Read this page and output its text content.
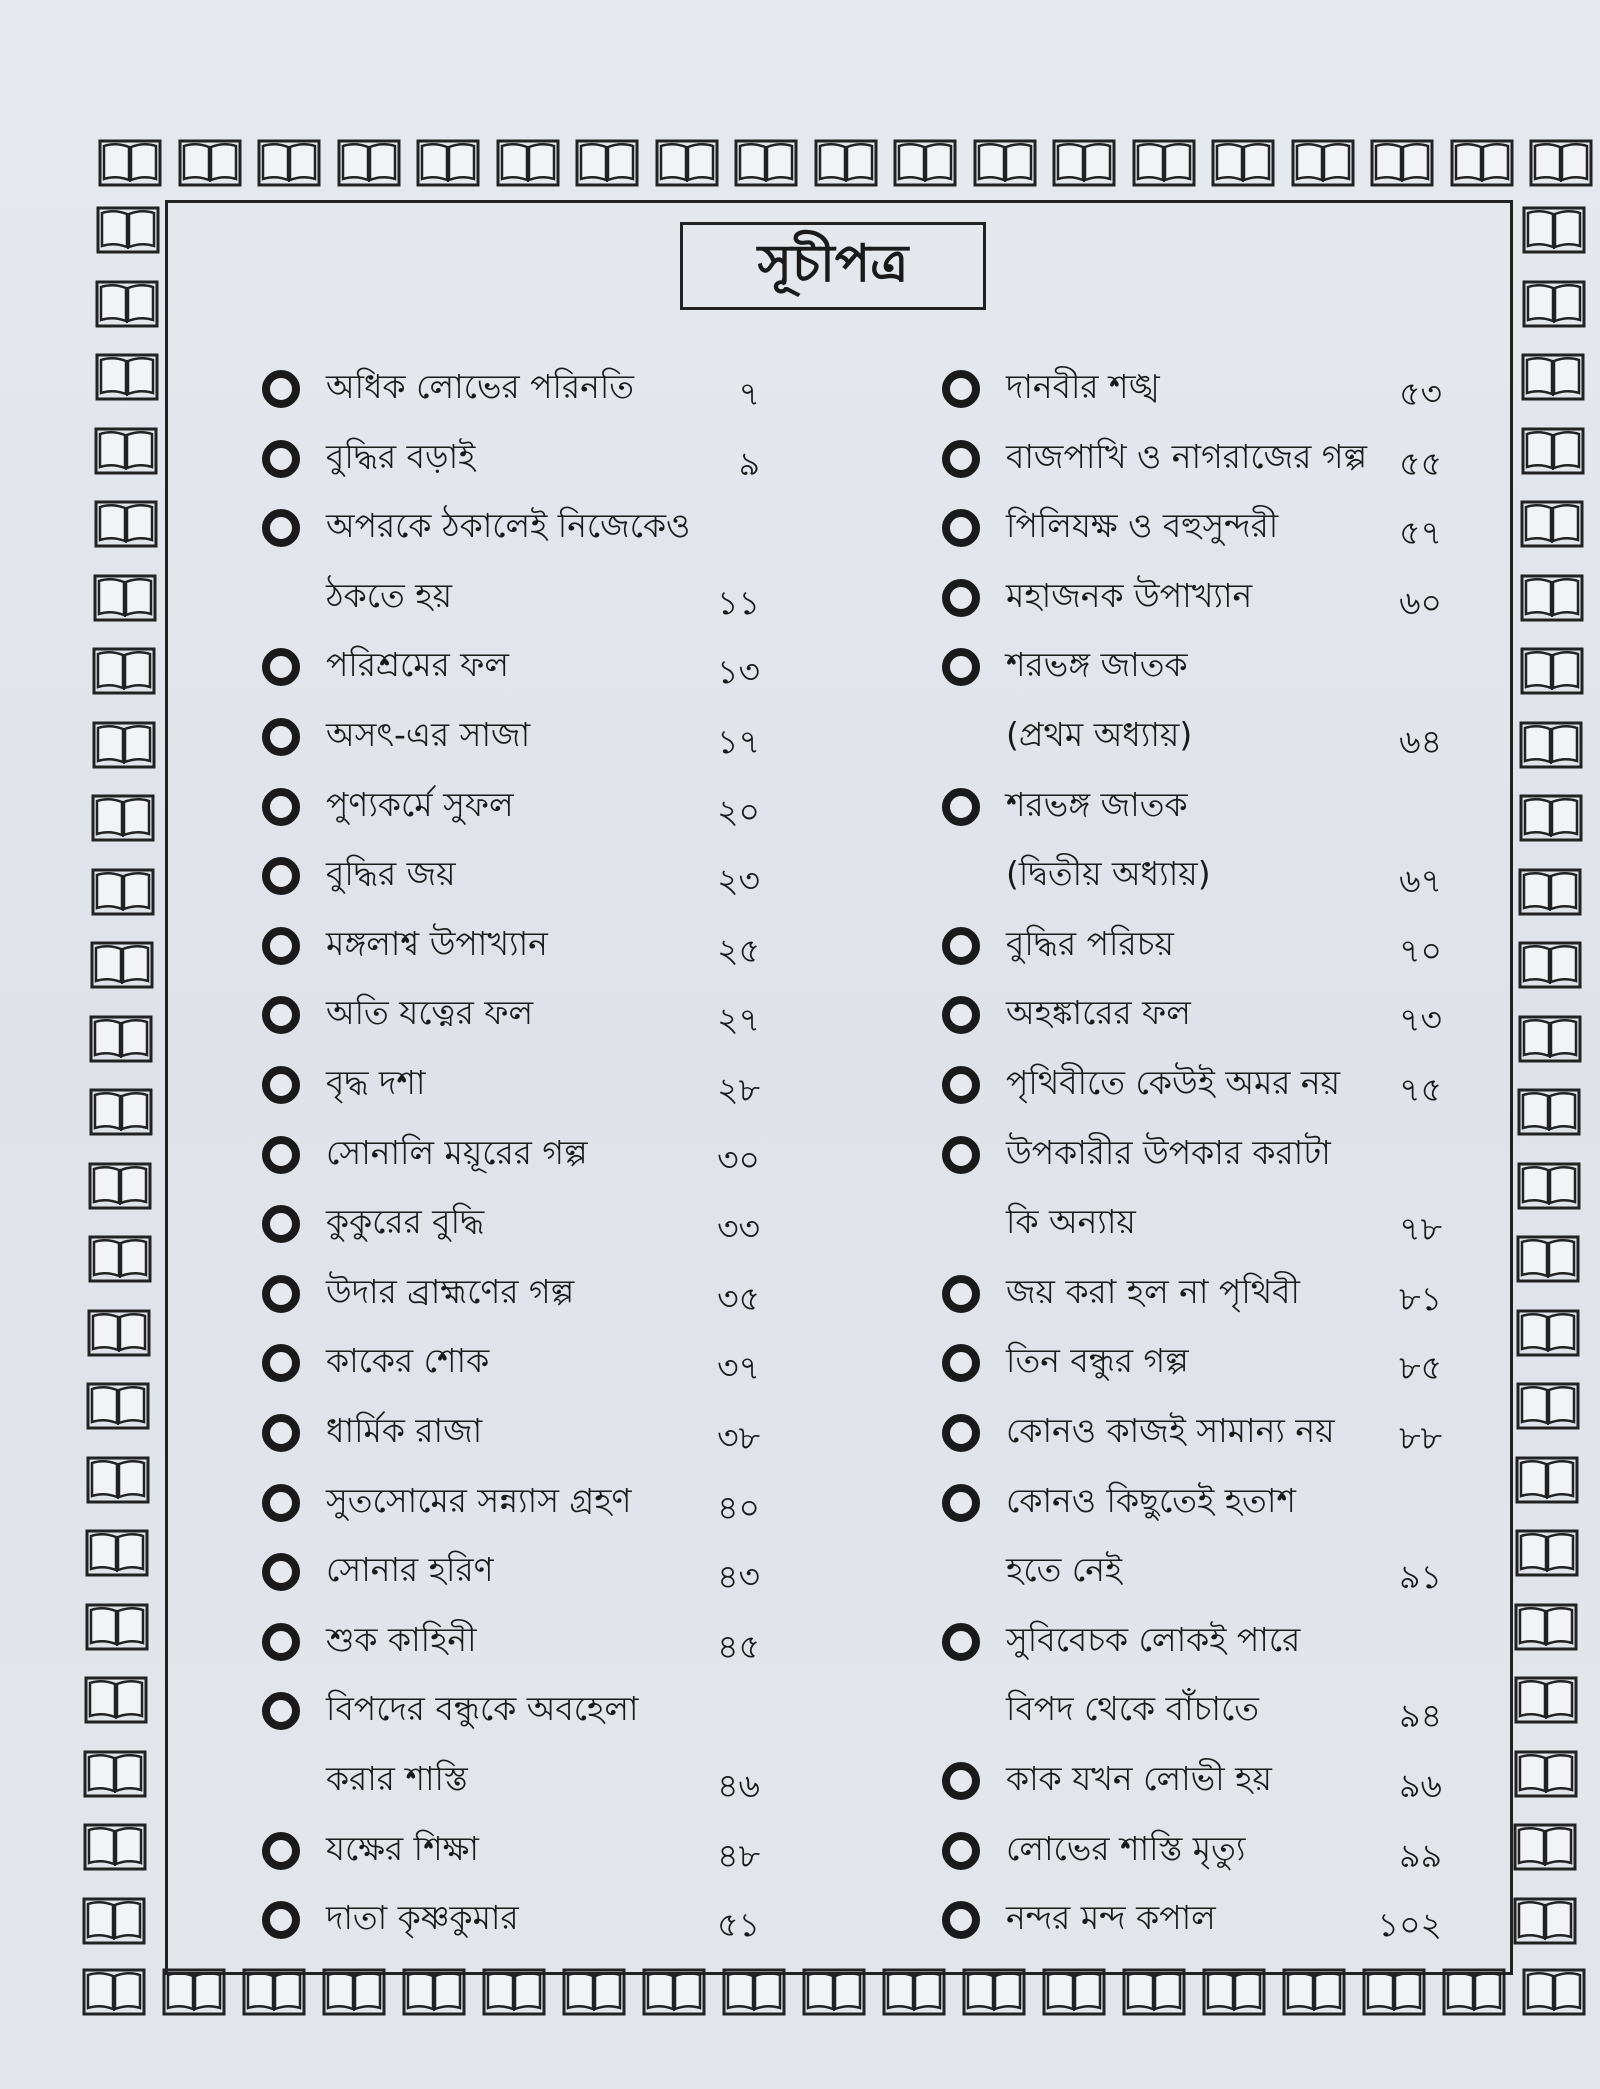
সূচীপত্র
অধিক লোভের পরিনতি	৭
বুদ্ধির বড়াই	৯
অপরকে ঠকালেই নিজেকেও
ঠকতে হয়	১১
পরিশ্রমের ফল	১৩
অসৎ-এর সাজা	১৭
পুণ্যকর্মে সুফল	২০
বুদ্ধির জয়	২৩
মঙ্গলাশ্ব উপাখ্যান	২৫
অতি যত্নের ফল	২৭
বৃদ্ধ দশা	২৮
সোনালি ময়ূরের গল্প	৩০
কুকুরের বুদ্ধি	৩৩
উদার ব্রাহ্মণের গল্প	৩৫
কাকের শোক	৩৭
ধার্মিক রাজা	৩৮
সুতসোমের সন্ন্যাস গ্রহণ	৪০
সোনার হরিণ	৪৩
শুক কাহিনী	৪৫
বিপদের বন্ধুকে অবহেলা
করার শাস্তি	৪৬
যক্ষের শিক্ষা	৪৮
দাতা কৃষ্ণকুমার	৫১
দানবীর শঙ্খ	৫৩
বাজপাখি ও নাগরাজের গল্প ৫৫
পিলিযক্ষ ও বহুসুন্দরী	৫৭
মহাজনক উপাখ্যান	৬০
শরভঙ্গ জাতক
(প্রথম অধ্যায়)	৬৪
শরভঙ্গ জাতক
(দ্বিতীয় অধ্যায়)	৬৭
বুদ্ধির পরিচয়	৭০
অহঙ্কারের ফল	৭৩
পৃথিবীতে কেউই অমর নয়	৭৫
উপকারীর উপকার করাটা
কি অন্যায়	৭৮
জয় করা হল না পৃথিবী	৮১
তিন বন্ধুর গল্প	৮৫
কোনও কাজই সামান্য নয়	৮৮
কোনও কিছুতেই হতাশ
হতে নেই	৯১
সুবিবেচক লোকই পারে
বিপদ থেকে বাঁচাতে	৯৪
কাক যখন লোভী হয়	৯৬
লোভের শাস্তি মৃত্যু	৯৯
নন্দর মন্দ কপাল	১০২
